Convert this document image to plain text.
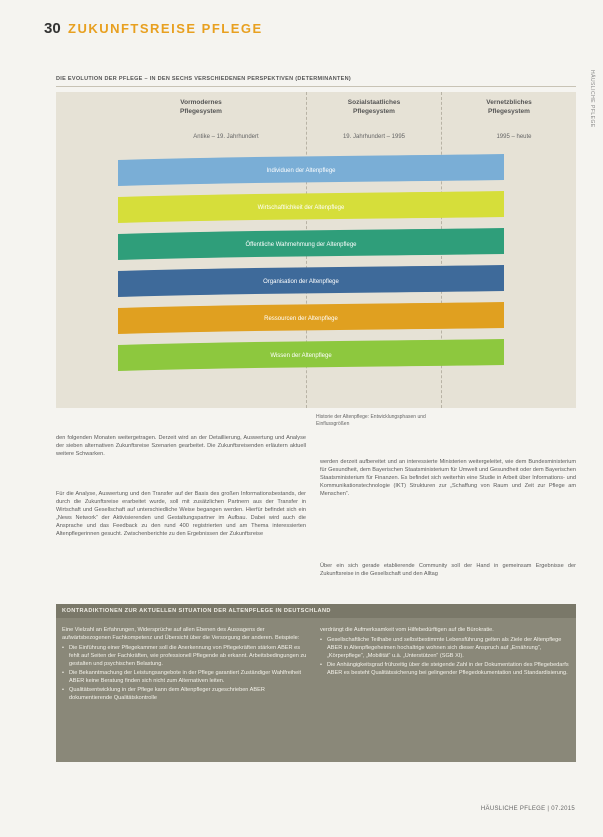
30 ZUKUNFTSREISE PFLEGE
HÄUSLICHE PFLEGE
DIE EVOLUTION DER PFLEGE – IN DEN SECHS VERSCHIEDENEN PERSPEKTIVEN (DETERMINANTEN)
Vormodernes
Pflegesystem
Sozialstaatliches
Pflegesystem
Vernetzbliches
Pflegesystem
Antike – 19. Jahrhundert	19. Jahrhundert – 1995	1995 – heute
Individuen der Altenpflege
Wirtschaftlichkeit der Altenpflege
Öffentliche Wahrnehmung der Altenpflege
Organisation der Altenpflege
Ressourcen der Altenpflege
Wissen der Altenpflege
Historie der Altenpflege: Entwicklungsphasen und Einflussgrößen
den folgenden Monaten weitergetragen. Derzeit wird an der Detaillierung, Auswertung und Analyse der sieben alternativen Zukunftsreise Szenarien gearbeitet. Die Zukunftsreisenden erläutern aktuell weitere Schwarken.
Für die Analyse, Auswertung und den Transfer auf der Basis des großen Informationsbestands, der durch die Zukunftsreise erarbeitet wurde, soll mit zusätzlichen Partnern aus der Transfer in Wirtschaft und Gesellschaft auf unterschiedliche Weise begangen werden. Hierfür befindet sich ein „News Network“ der Aktivisierenden und Gestaltungspartner im Aufbau. Dabei wird auch die Ansprache und das Feedback zu den rund 400 registrierten und am Thema interessierten Altenpflegerinnen gesucht. Zwischenberichte zu den Ergebnissen der Zukunftsreise
werden derzeit aufbereitet und an interessierte Ministerien weitergeleitet, wie dem Bundesministerium für Gesundheit, dem Bayerischen Staatsministerium für Umwelt und Gesundheit oder dem Bayerischen Staatsministerium für Finanzen. Es befindet sich weiterhin eine Studie in Arbeit über Informations- und Kommunikationstechnologie (IKT) Strukturen zur „Schaffung von Raum und Zeit zur Pflege am Menschen“.
Über ein sich gerade etablierende Community soll der Hand in gemeinsam Ergebnisse der Zukunftsreise in die Gesellschaft und den Alltag
KONTRADIKTIONEN ZUR AKTUELLEN SITUATION DER ALTENPFLEGE IN DEUTSCHLAND

Eine Vielzahl an Erfahrungen, Widersprüche auf allen Ebenen des Aussagens der aufwärtsbezogenen Fachkompetenz und Übersicht über die Versorgung der anderen. Beispiele:

• Die Einführung einer Pflegekammer soll die Anerkennung von Pflegekräften stärken ABER es fehlt auf Seiten der Fachkräften, wie professionell Pflegende ab erkannt. Arbeitsbedingungen zu gestalten und psychischen Belastung.
• Die Bekanntmachung der Leistungsangebote in der Pflege garantiert Zuständiger Wahlfreiheit ABER keine Beratung finden sich nicht zum Alternativen leiten.
• Qualitätsentwicklung in der Pflege kann dem Altenpfleger zugeschrieben ABER dokumentierende Qualitätskontrolle

verdrängt die Aufmerksamkeit vom Hilfebedürftigen auf die Bürokratie.

• Gesellschaftliche Teilhabe und selbstbestimmte Lebensführung gelten als Ziele der Altenpflege ABER in Altenpflegeheimen hochaltrige wohnen sich dieser Anspruch auf „Ernährung“, „Körperpflege“, „Mobilität“ u.ä. „Unterstützen“ (SGB XI).
• Die Anhängigkeitsgrad frühzeitig über die steigende Zahl in der Dokumentation des Pflegebedarfs ABER es besteht Qualitätssicherung bei gelingender Pflegedokumentation und Standardisierung.
HÄUSLICHE PFLEGE | 07.2015
